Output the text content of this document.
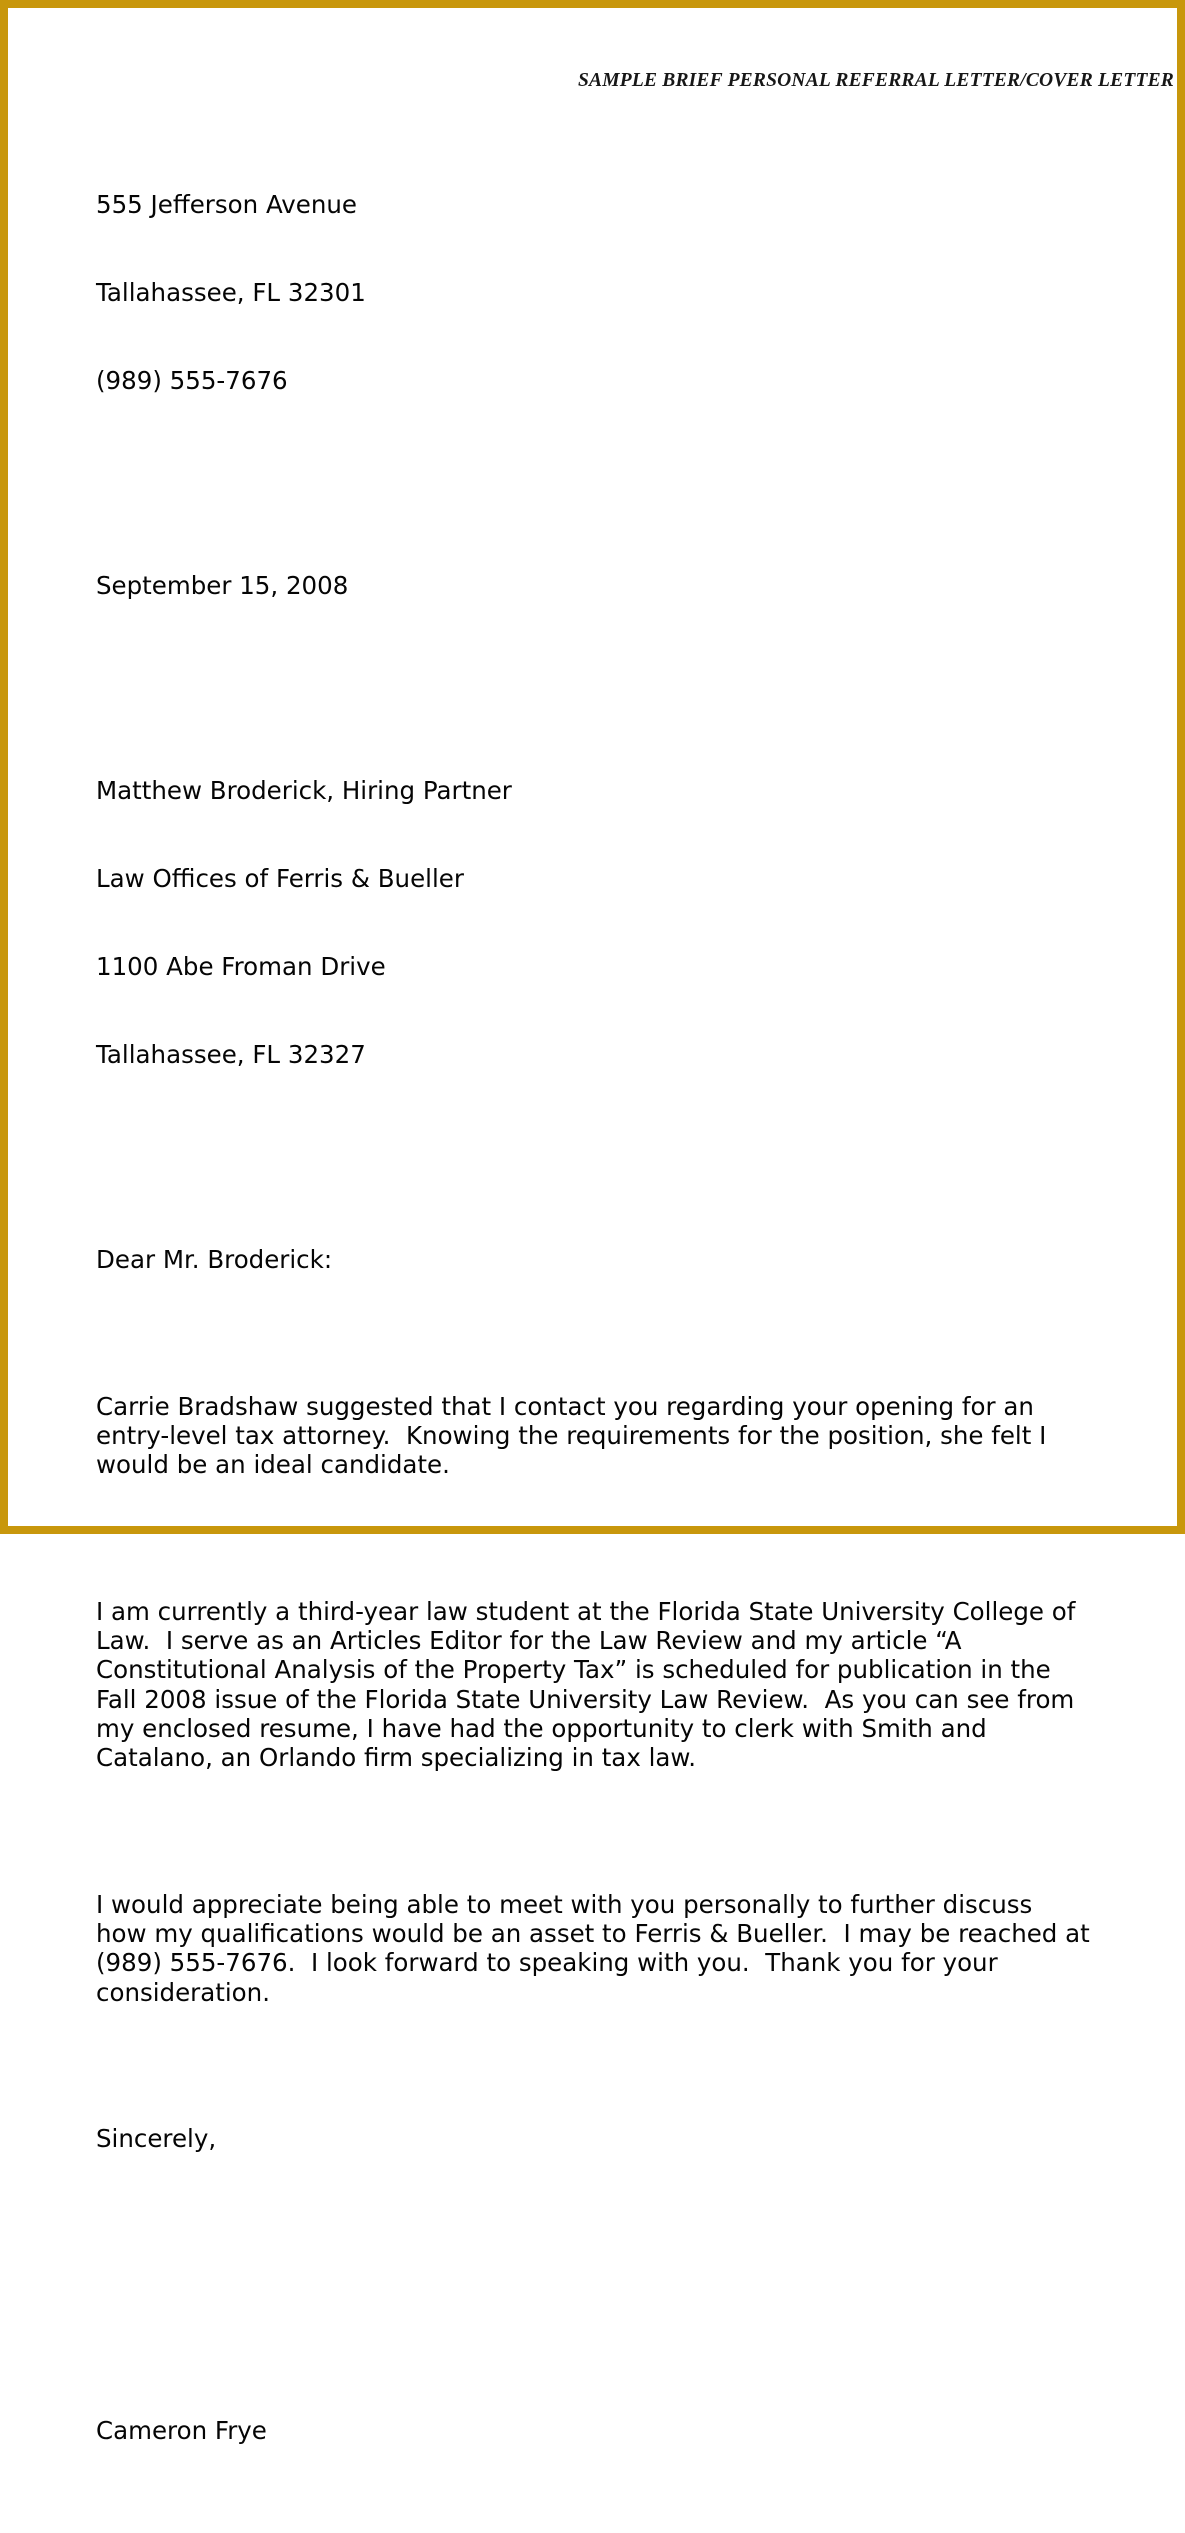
SAMPLE BRIEF PERSONAL REFERRAL LETTER/COVER LETTER

555 Jefferson Avenue

Tallahassee, FL 32301

(989) 555-7676

September 15, 2008

Matthew Broderick, Hiring Partner

Law Offices of Ferris & Bueller

1100 Abe Froman Drive

Tallahassee, FL 32327

Dear Mr. Broderick:

Carrie Bradshaw suggested that I contact you regarding your opening for an entry-level tax attorney.  Knowing the requirements for the position, she felt I would be an ideal candidate.

I am currently a third-year law student at the Florida State University College of Law.  I serve as an Articles Editor for the Law Review and my article “A Constitutional Analysis of the Property Tax” is scheduled for publication in the Fall 2008 issue of the Florida State University Law Review.  As you can see from my enclosed resume, I have had the opportunity to clerk with Smith and Catalano, an Orlando firm specializing in tax law.

I would appreciate being able to meet with you personally to further discuss how my qualifications would be an asset to Ferris & Bueller.  I may be reached at (989) 555-7676.  I look forward to speaking with you.  Thank you for your consideration.

Sincerely,

Cameron Frye
